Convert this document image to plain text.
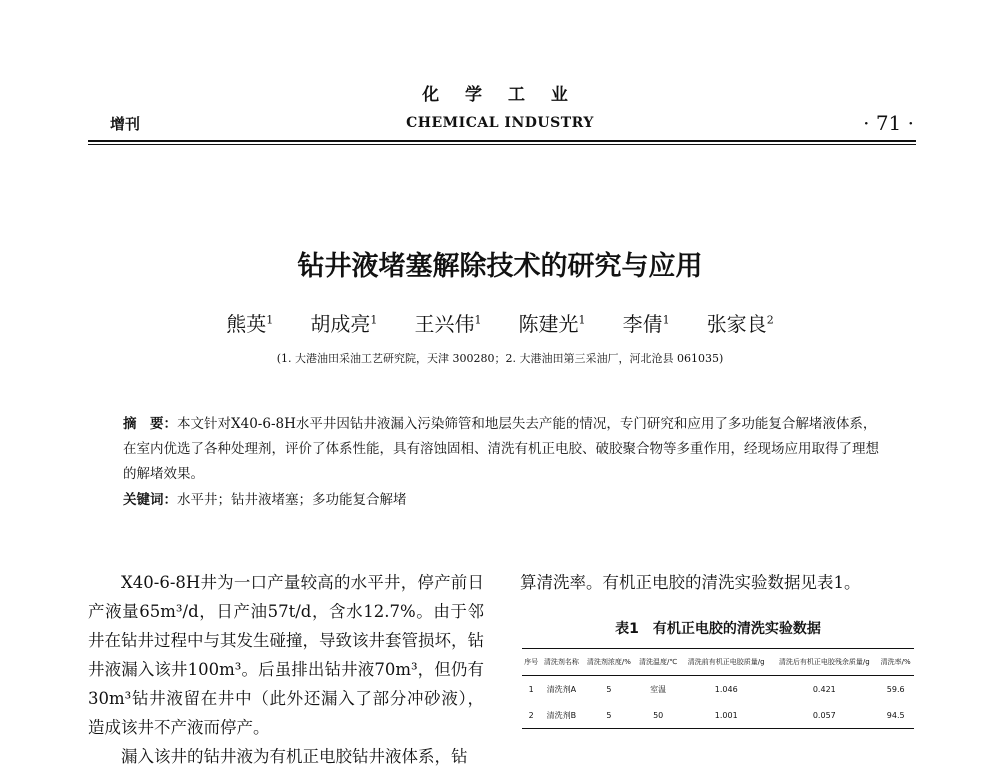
化 学 工 业
增刊	CHEMICAL INDUSTRY	· 71 ·
钻井液堵塞解除技术的研究与应用
熊英$^1$ 胡成亮$^1$ 王兴伟$^1$ 陈建光$^1$ 李倩$^1$ 张家良$^2$
(1. 大港油田采油工艺研究院，天津 300280；2. 大港油田第三采油厂，河北沧县 061035)
摘　要：本文针对X40-6-8H水平井因钻井液漏入污染筛管和地层失去产能的情况，专门研究和应用了多功能复合解堵液体系，在室内优选了各种处理剂，评价了体系性能，具有溶蚀固相、清洗有机正电胶、破胶聚合物等多重作用，经现场应用取得了理想的解堵效果。
关键词：水平井；钻井液堵塞；多功能复合解堵

X40-6-8H井为一口产量较高的水平井，停产前日产液量65m³/d，日产油57t/d，含水12.7%。由于邻井在钻井过程中与其发生碰撞，导致该井套管损坏，钻井液漏入该井100m³。后虽排出钻井液70m³，但仍有30m³钻井液留在井中（此外还漏入了部分冲砂液），造成该井不产液而停产。

漏入该井的钻井液为有机正电胶钻井液体系，钻

算清洗率。有机正电胶的清洗实验数据见表1。
表1　有机正电胶的清洗实验数据
序号	清洗剂名称	清洗剂浓度/%	清洗温度/℃	清洗前有机正电胶质量/g	清洗后有机正电胶残余质量/g	清洗率/%
1	清洗剂A	5	室温	1.046	0.421	59.6
2	清洗剂B	5	50	1.001	0.057	94.5
